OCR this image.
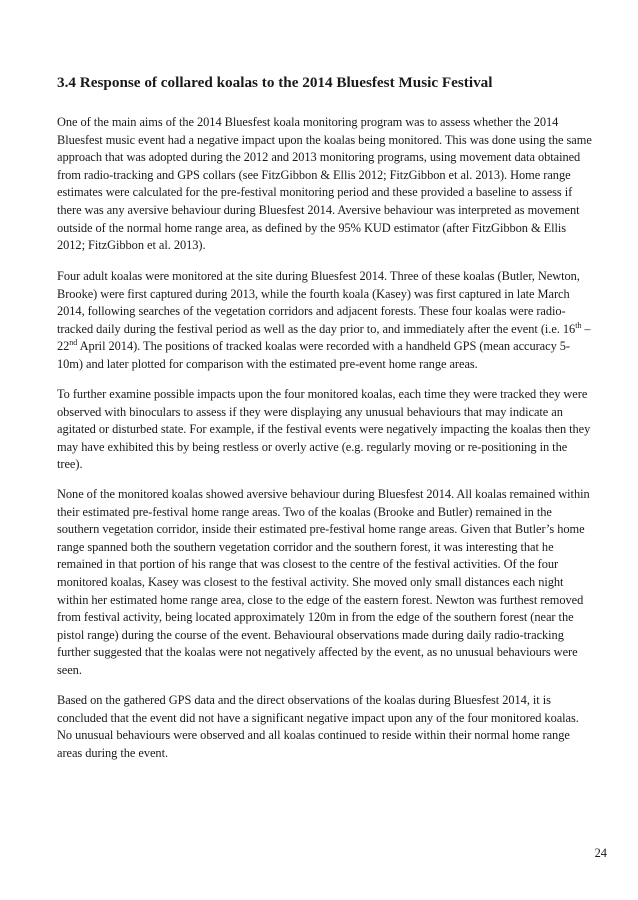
3.4 Response of collared koalas to the 2014 Bluesfest Music Festival

One of the main aims of the 2014 Bluesfest koala monitoring program was to assess whether the 2014 Bluesfest music event had a negative impact upon the koalas being monitored. This was done using the same approach that was adopted during the 2012 and 2013 monitoring programs, using movement data obtained from radio-tracking and GPS collars (see FitzGibbon & Ellis 2012; FitzGibbon et al. 2013). Home range estimates were calculated for the pre-festival monitoring period and these provided a baseline to assess if there was any aversive behaviour during Bluesfest 2014. Aversive behaviour was interpreted as movement outside of the normal home range area, as defined by the 95% KUD estimator (after FitzGibbon & Ellis 2012; FitzGibbon et al. 2013).

Four adult koalas were monitored at the site during Bluesfest 2014. Three of these koalas (Butler, Newton, Brooke) were first captured during 2013, while the fourth koala (Kasey) was first captured in late March 2014, following searches of the vegetation corridors and adjacent forests. These four koalas were radio-tracked daily during the festival period as well as the day prior to, and immediately after the event (i.e. 16th – 22nd April 2014). The positions of tracked koalas were recorded with a handheld GPS (mean accuracy 5-10m) and later plotted for comparison with the estimated pre-event home range areas.

To further examine possible impacts upon the four monitored koalas, each time they were tracked they were observed with binoculars to assess if they were displaying any unusual behaviours that may indicate an agitated or disturbed state. For example, if the festival events were negatively impacting the koalas then they may have exhibited this by being restless or overly active (e.g. regularly moving or re-positioning in the tree).

None of the monitored koalas showed aversive behaviour during Bluesfest 2014. All koalas remained within their estimated pre-festival home range areas. Two of the koalas (Brooke and Butler) remained in the southern vegetation corridor, inside their estimated pre-festival home range areas. Given that Butler’s home range spanned both the southern vegetation corridor and the southern forest, it was interesting that he remained in that portion of his range that was closest to the centre of the festival activities. Of the four monitored koalas, Kasey was closest to the festival activity. She moved only small distances each night within her estimated home range area, close to the edge of the eastern forest. Newton was furthest removed from festival activity, being located approximately 120m in from the edge of the southern forest (near the pistol range) during the course of the event. Behavioural observations made during daily radio-tracking further suggested that the koalas were not negatively affected by the event, as no unusual behaviours were seen.

Based on the gathered GPS data and the direct observations of the koalas during Bluesfest 2014, it is concluded that the event did not have a significant negative impact upon any of the four monitored koalas. No unusual behaviours were observed and all koalas continued to reside within their normal home range areas during the event.

24
